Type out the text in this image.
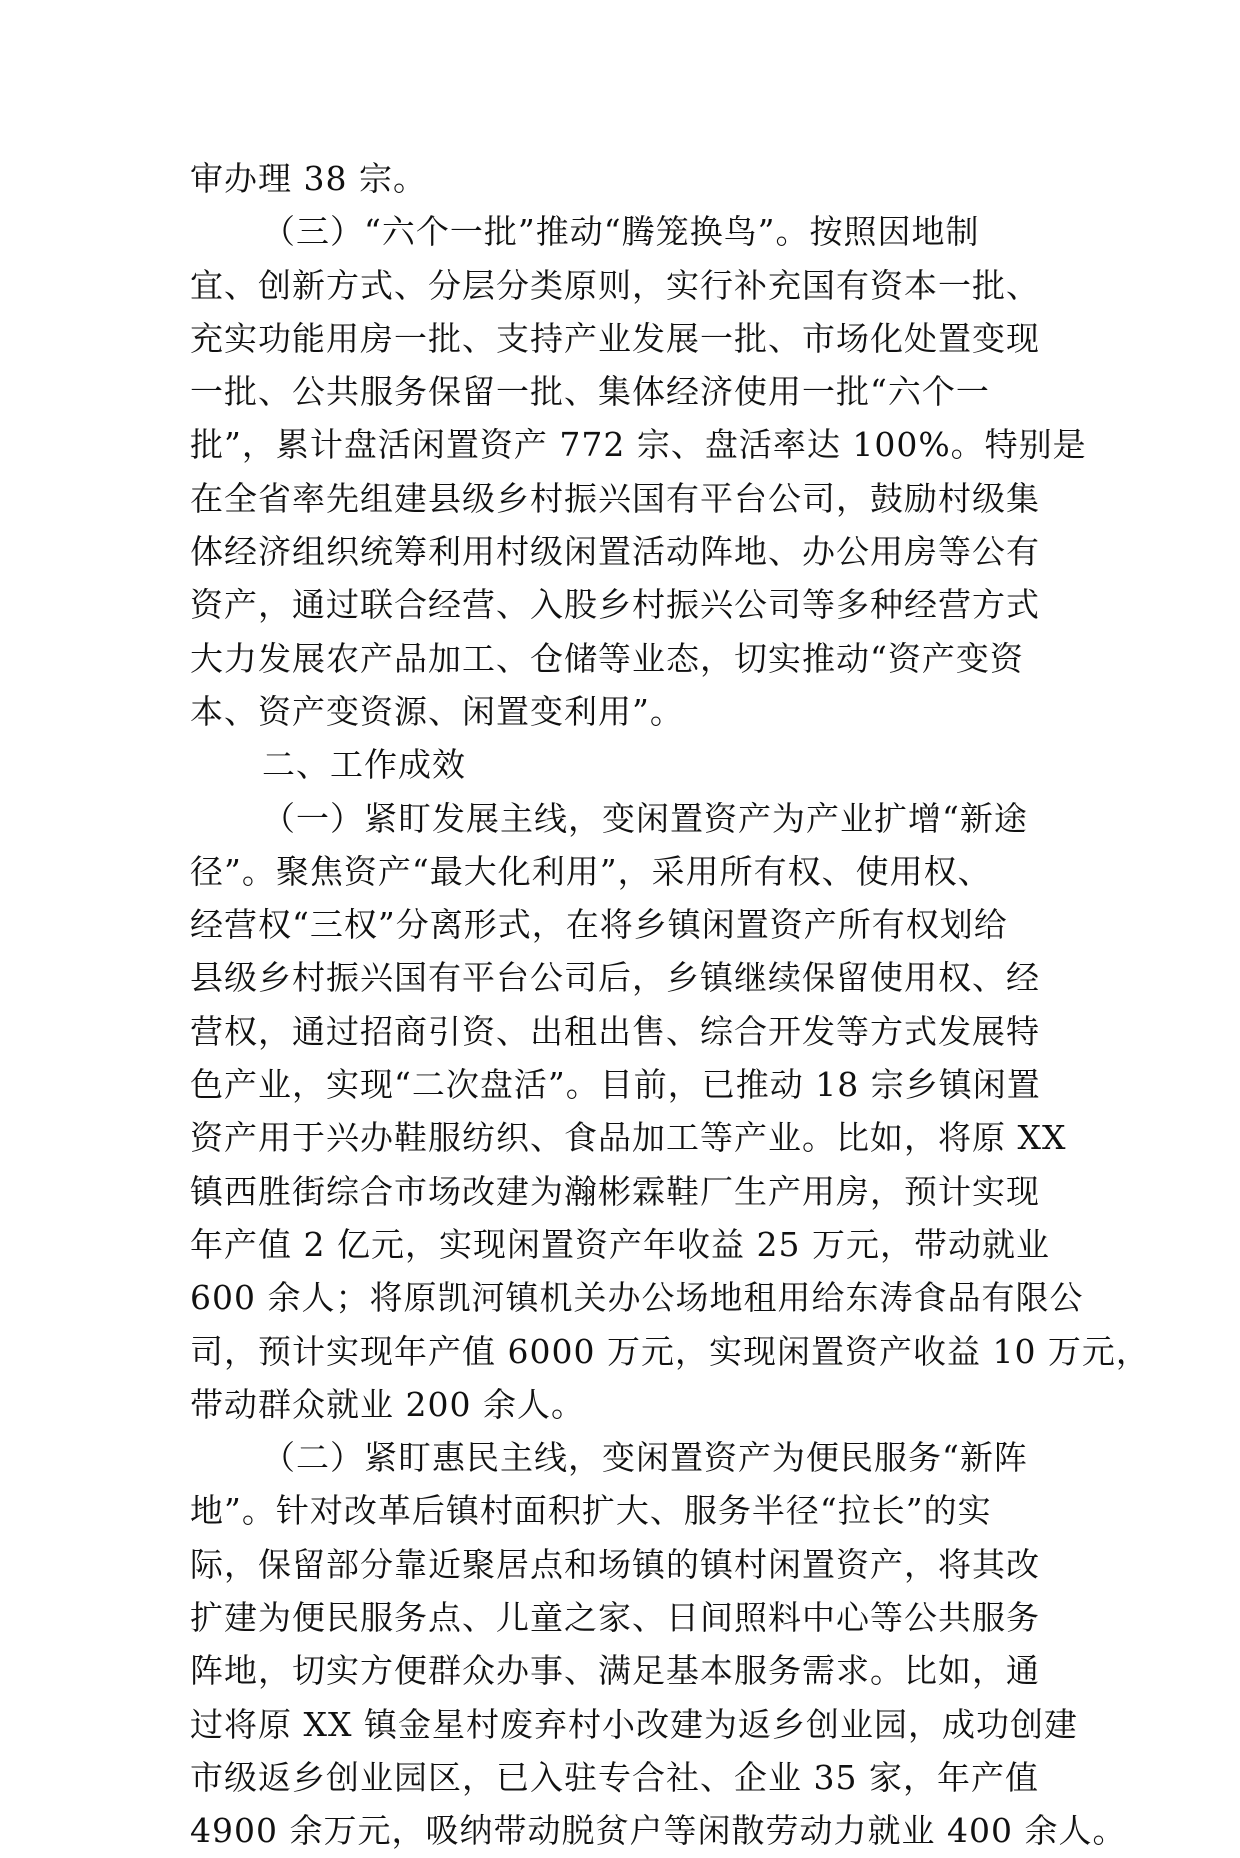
审办理 38 宗。
（三）“六个一批”推动“腾笼换鸟”。按照因地制
宜、创新方式、分层分类原则，实行补充国有资本一批、
充实功能用房一批、支持产业发展一批、市场化处置变现
一批、公共服务保留一批、集体经济使用一批“六个一
批”，累计盘活闲置资产 772 宗、盘活率达 100%。特别是
在全省率先组建县级乡村振兴国有平台公司，鼓励村级集
体经济组织统筹利用村级闲置活动阵地、办公用房等公有
资产，通过联合经营、入股乡村振兴公司等多种经营方式
大力发展农产品加工、仓储等业态，切实推动“资产变资
本、资产变资源、闲置变利用”。
二、工作成效
（一）紧盯发展主线，变闲置资产为产业扩增“新途
径”。聚焦资产“最大化利用”，采用所有权、使用权、
经营权“三权”分离形式，在将乡镇闲置资产所有权划给
县级乡村振兴国有平台公司后，乡镇继续保留使用权、经
营权，通过招商引资、出租出售、综合开发等方式发展特
色产业，实现“二次盘活”。目前，已推动 18 宗乡镇闲置
资产用于兴办鞋服纺织、食品加工等产业。比如，将原 XX
镇西胜街综合市场改建为瀚彬霖鞋厂生产用房，预计实现
年产值 2 亿元，实现闲置资产年收益 25 万元，带动就业
600 余人；将原凯河镇机关办公场地租用给东涛食品有限公
司，预计实现年产值 6000 万元，实现闲置资产收益 10 万元，
带动群众就业 200 余人。
（二）紧盯惠民主线，变闲置资产为便民服务“新阵
地”。针对改革后镇村面积扩大、服务半径“拉长”的实
际，保留部分靠近聚居点和场镇的镇村闲置资产，将其改
扩建为便民服务点、儿童之家、日间照料中心等公共服务
阵地，切实方便群众办事、满足基本服务需求。比如，通
过将原 XX 镇金星村废弃村小改建为返乡创业园，成功创建
市级返乡创业园区，已入驻专合社、企业 35 家，年产值
4900 余万元，吸纳带动脱贫户等闲散劳动力就业 400 余人。
